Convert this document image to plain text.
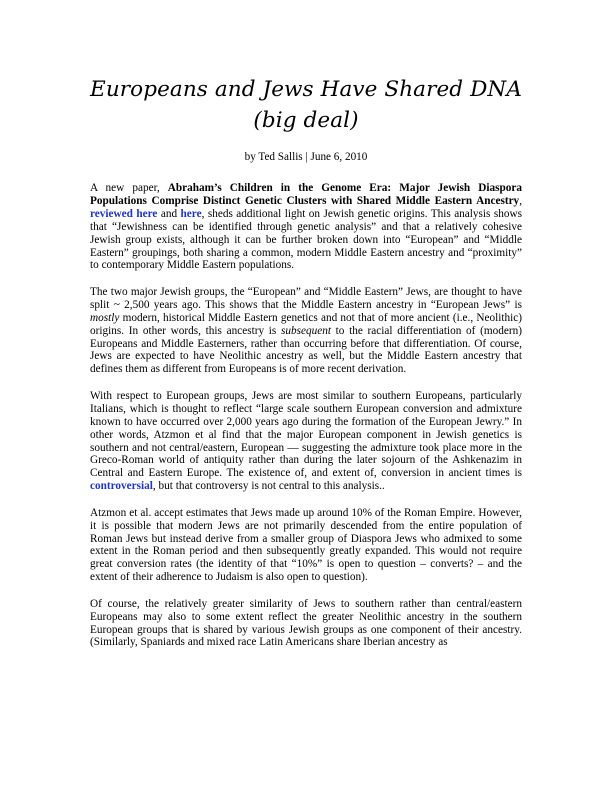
Europeans and Jews Have Shared DNA (big deal)
by Ted Sallis | June 6, 2010

A new paper, Abraham’s Children in the Genome Era: Major Jewish Diaspora Populations Comprise Distinct Genetic Clusters with Shared Middle Eastern Ancestry, reviewed here and here, sheds additional light on Jewish genetic origins. This analysis shows that “Jewishness can be identified through genetic analysis” and that a relatively cohesive Jewish group exists, although it can be further broken down into “European” and “Middle Eastern” groupings, both sharing a common, modern Middle Eastern ancestry and “proximity” to contemporary Middle Eastern populations.

The two major Jewish groups, the “European” and “Middle Eastern” Jews, are thought to have split ~ 2,500 years ago. This shows that the Middle Eastern ancestry in “European Jews” is mostly modern, historical Middle Eastern genetics and not that of more ancient (i.e., Neolithic) origins. In other words, this ancestry is subsequent to the racial differentiation of (modern) Europeans and Middle Easterners, rather than occurring before that differentiation. Of course, Jews are expected to have Neolithic ancestry as well, but the Middle Eastern ancestry that defines them as different from Europeans is of more recent derivation.

With respect to European groups, Jews are most similar to southern Europeans, particularly Italians, which is thought to reflect “large scale southern European conversion and admixture known to have occurred over 2,000 years ago during the formation of the European Jewry.” In other words, Atzmon et al find that the major European component in Jewish genetics is southern and not central/eastern, European — suggesting the admixture took place more in the Greco-Roman world of antiquity rather than during the later sojourn of the Ashkenazim in Central and Eastern Europe. The existence of, and extent of, conversion in ancient times is controversial, but that controversy is not central to this analysis..

Atzmon et al. accept estimates that Jews made up around 10% of the Roman Empire. However, it is possible that modern Jews are not primarily descended from the entire population of Roman Jews but instead derive from a smaller group of Diaspora Jews who admixed to some extent in the Roman period and then subsequently greatly expanded. This would not require great conversion rates (the identity of that “10%” is open to question – converts? – and the extent of their adherence to Judaism is also open to question).

Of course, the relatively greater similarity of Jews to southern rather than central/eastern Europeans may also to some extent reflect the greater Neolithic ancestry in the southern European groups that is shared by various Jewish groups as one component of their ancestry. (Similarly, Spaniards and mixed race Latin Americans share Iberian ancestry as
